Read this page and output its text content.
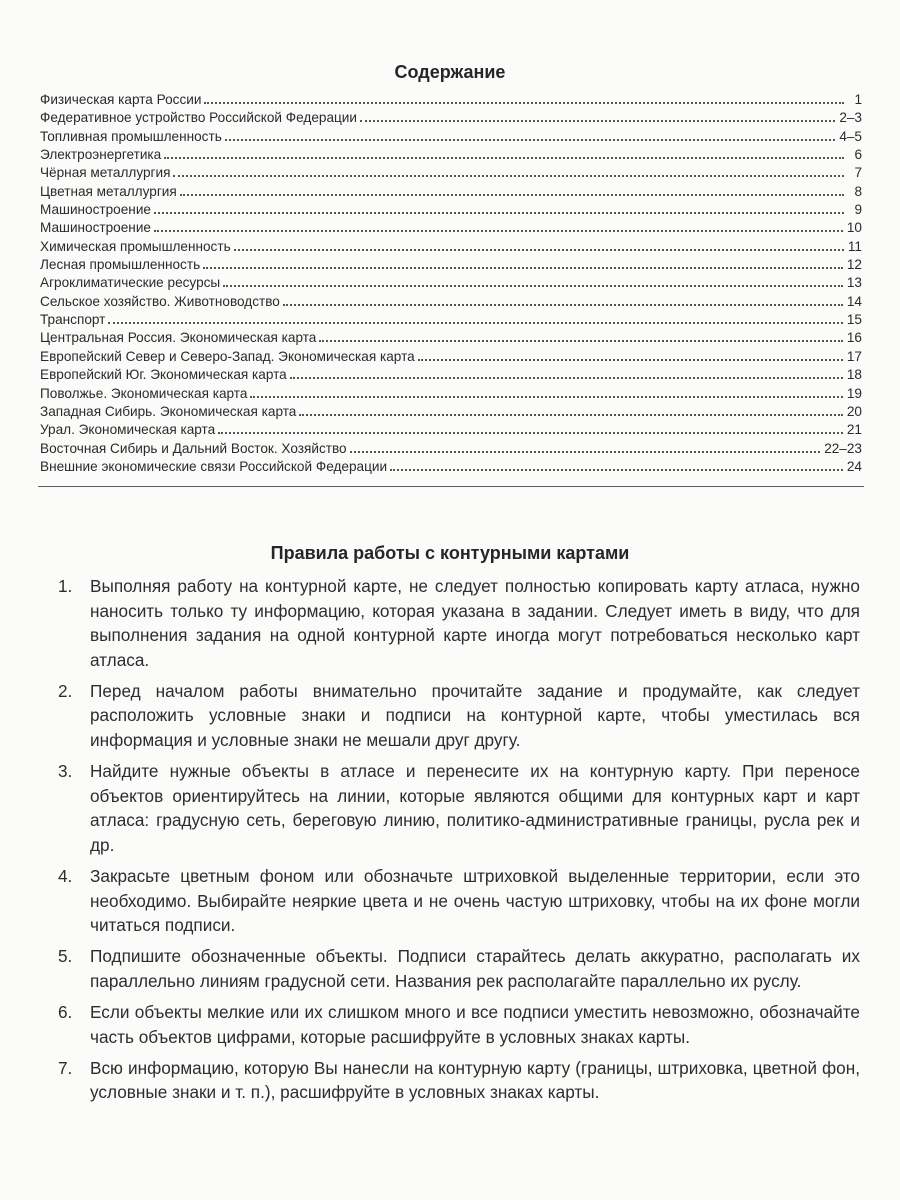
Содержание
Физическая карта России	1
Федеративное устройство Российской Федерации	2–3
Топливная промышленность	4–5
Электроэнергетика	6
Чёрная металлургия	7
Цветная металлургия	8
Машиностроение	9
Машиностроение	10
Химическая промышленность	11
Лесная промышленность	12
Агроклиматические ресурсы	13
Сельское хозяйство. Животноводство	14
Транспорт	15
Центральная Россия. Экономическая карта	16
Европейский Север и Северо-Запад. Экономическая карта	17
Европейский Юг. Экономическая карта	18
Поволжье. Экономическая карта	19
Западная Сибирь. Экономическая карта	20
Урал. Экономическая карта	21
Восточная Сибирь и Дальний Восток. Хозяйство	22–23
Внешние экономические связи Российской Федерации	24
Правила работы с контурными картами
1.	Выполняя работу на контурной карте, не следует полностью копировать карту атласа, нужно наносить только ту информацию, которая указана в задании. Следует иметь в виду, что для выполнения задания на одной контурной карте иногда могут потребоваться несколько карт атласа.
2.	Перед началом работы внимательно прочитайте задание и продумайте, как следует расположить условные знаки и подписи на контурной карте, чтобы уместилась вся информация и условные знаки не мешали друг другу.
3.	Найдите нужные объекты в атласе и перенесите их на контурную карту. При переносе объектов ориентируйтесь на линии, которые являются общими для контурных карт и карт атласа: градусную сеть, береговую линию, политико-административные границы, русла рек и др.
4.	Закрасьте цветным фоном или обозначьте штриховкой выделенные территории, если это необходимо. Выбирайте неяркие цвета и не очень частую штриховку, чтобы на их фоне могли читаться подписи.
5.	Подпишите обозначенные объекты. Подписи старайтесь делать аккуратно, располагать их параллельно линиям градусной сети. Названия рек располагайте параллельно их руслу.
6.	Если объекты мелкие или их слишком много и все подписи уместить невозможно, обозначайте часть объектов цифрами, которые расшифруйте в условных знаках карты.
7.	Всю информацию, которую Вы нанесли на контурную карту (границы, штриховка, цветной фон, условные знаки и т. п.), расшифруйте в условных знаках карты.
